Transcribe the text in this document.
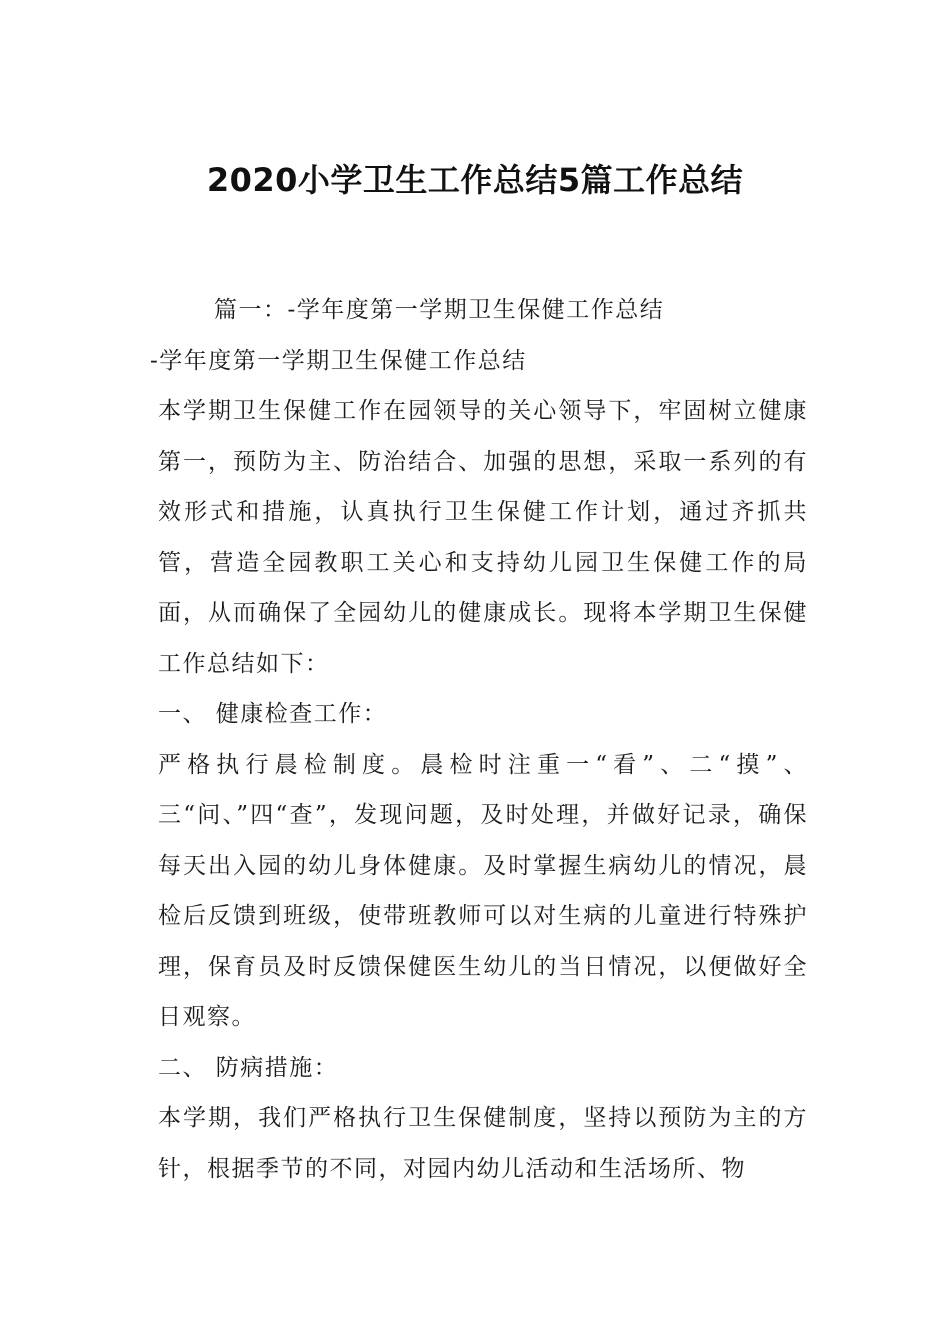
2020小学卫生工作总结5篇工作总结
篇一：-学年度第一学期卫生保健工作总结
-学年度第一学期卫生保健工作总结

本学期卫生保健工作在园领导的关心领导下，牢固树立健康第一，预防为主、防治结合、加强的思想，采取一系列的有效形式和措施，认真执行卫生保健工作计划，通过齐抓共管，营造全园教职工关心和支持幼儿园卫生保健工作的局面，从而确保了全园幼儿的健康成长。现将本学期卫生保健工作总结如下：

一、 健康检查工作：

严格执行晨检制度。晨检时注重一“看”、二“摸”、三“问、”四“查”，发现问题，及时处理，并做好记录，确保每天出入园的幼儿身体健康。及时掌握生病幼儿的情况，晨检后反馈到班级，使带班教师可以对生病的儿童进行特殊护理，保育员及时反馈保健医生幼儿的当日情况，以便做好全日观察。

二、 防病措施：

本学期，我们严格执行卫生保健制度，坚持以预防为主的方针，根据季节的不同，对园内幼儿活动和生活场所、物
